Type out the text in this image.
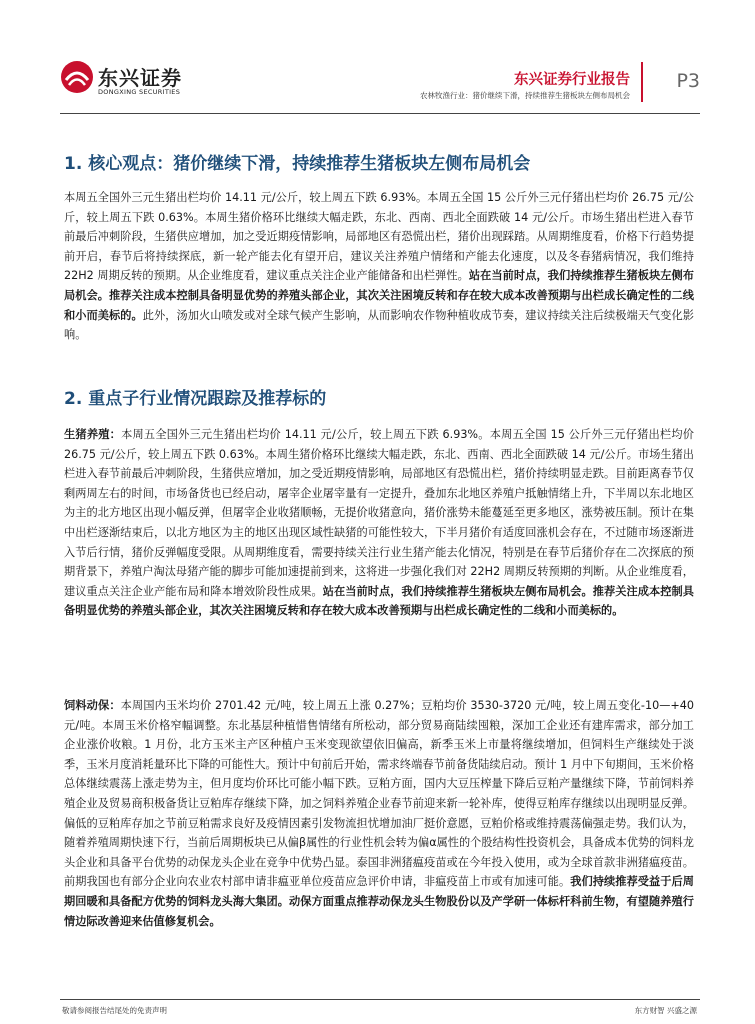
东兴证券
DONGXING SECURITIES
东兴证券行业报告
农林牧渔行业：猪价继续下滑，持续推荐生猪板块左侧布局机会
P3
1. 核心观点：猪价继续下滑，持续推荐生猪板块左侧布局机会
本周五全国外三元生猪出栏均价 14.11 元/公斤，较上周五下跌 6.93%。本周五全国 15 公斤外三元仔猪出栏均价 26.75 元/公斤，较上周五下跌 0.63%。本周生猪价格环比继续大幅走跌，东北、西南、西北全面跌破 14 元/公斤。市场生猪出栏进入春节前最后冲刺阶段，生猪供应增加，加之受近期疫情影响，局部地区有恐慌出栏，猪价出现踩踏。从周期维度看，价格下行趋势提前开启，春节后将持续探底，新一轮产能去化有望开启，建议关注养殖户情绪和产能去化速度，以及冬春猪病情况，我们维持 22H2 周期反转的预期。从企业维度看，建议重点关注企业产能储备和出栏弹性。站在当前时点，我们持续推荐生猪板块左侧布局机会。推荐关注成本控制具备明显优势的养殖头部企业，其次关注困境反转和存在较大成本改善预期与出栏成长确定性的二线和小而美标的。此外，汤加火山喷发或对全球气候产生影响，从而影响农作物种植收成节奏，建议持续关注后续极端天气变化影响。
2. 重点子行业情况跟踪及推荐标的
生猪养殖：本周五全国外三元生猪出栏均价 14.11 元/公斤，较上周五下跌 6.93%。本周五全国 15 公斤外三元仔猪出栏均价 26.75 元/公斤，较上周五下跌 0.63%。本周生猪价格环比继续大幅走跌，东北、西南、西北全面跌破 14 元/公斤。市场生猪出栏进入春节前最后冲刺阶段，生猪供应增加，加之受近期疫情影响，局部地区有恐慌出栏，猪价持续明显走跌。目前距离春节仅剩两周左右的时间，市场备货也已经启动，屠宰企业屠宰量有一定提升，叠加东北地区养殖户抵触情绪上升，下半周以东北地区为主的北方地区出现小幅反弹，但屠宰企业收猪顺畅，无提价收猪意向，猪价涨势未能蔓延至更多地区，涨势被压制。预计在集中出栏逐渐结束后，以北方地区为主的地区出现区域性缺猪的可能性较大，下半月猪价有适度回涨机会存在，不过随市场逐渐进入节后行情，猪价反弹幅度受限。从周期维度看，需要持续关注行业生猪产能去化情况，特别是在春节后猪价存在二次探底的预期背景下，养殖户淘汰母猪产能的脚步可能加速提前到来，这将进一步强化我们对 22H2 周期反转预期的判断。从企业维度看，建议重点关注企业产能布局和降本增效阶段性成果。站在当前时点，我们持续推荐生猪板块左侧布局机会。推荐关注成本控制具备明显优势的养殖头部企业，其次关注困境反转和存在较大成本改善预期与出栏成长确定性的二线和小而美标的。
饲料动保：本周国内玉米均价 2701.42 元/吨，较上周五上涨 0.27%；豆粕均价 3530-3720 元/吨，较上周五变化-10—+40 元/吨。本周玉米价格窄幅调整。东北基层种植惜售情绪有所松动，部分贸易商陆续囤粮，深加工企业还有建库需求，部分加工企业涨价收粮。1 月份，北方玉米主产区种植户玉米变现欲望依旧偏高，新季玉米上市量将继续增加，但饲料生产继续处于淡季，玉米月度消耗量环比下降的可能性大。预计中旬前后开始，需求终端春节前备货陆续启动。预计 1 月中下旬期间，玉米价格总体继续震荡上涨走势为主，但月度均价环比可能小幅下跌。豆粕方面，国内大豆压榨量下降后豆粕产量继续下降，节前饲料养殖企业及贸易商积极备货让豆粕库存继续下降，加之饲料养殖企业春节前迎来新一轮补库，使得豆粕库存继续以出现明显反弹。偏低的豆粕库存加之节前豆粕需求良好及疫情因素引发物流担忧增加油厂挺价意愿，豆粕价格或维持震荡偏强走势。我们认为，随着养殖周期快速下行，当前后周期板块已从偏β属性的行业性机会转为偏α属性的个股结构性投资机会，具备成本优势的饲料龙头企业和具备平台优势的动保龙头企业在竞争中优势凸显。泰国非洲猪瘟疫苗或在今年投入使用，或为全球首款非洲猪瘟疫苗。前期我国也有部分企业向农业农村部申请非瘟亚单位疫苗应急评价申请，非瘟疫苗上市或有加速可能。我们持续推荐受益于后周期回暖和具备配方优势的饲料龙头海大集团。动保方面重点推荐动保龙头生物股份以及产学研一体标杆科前生物，有望随养殖行情边际改善迎来估值修复机会。
敬请参阅报告结尾处的免责声明	东方财智 兴盛之源
